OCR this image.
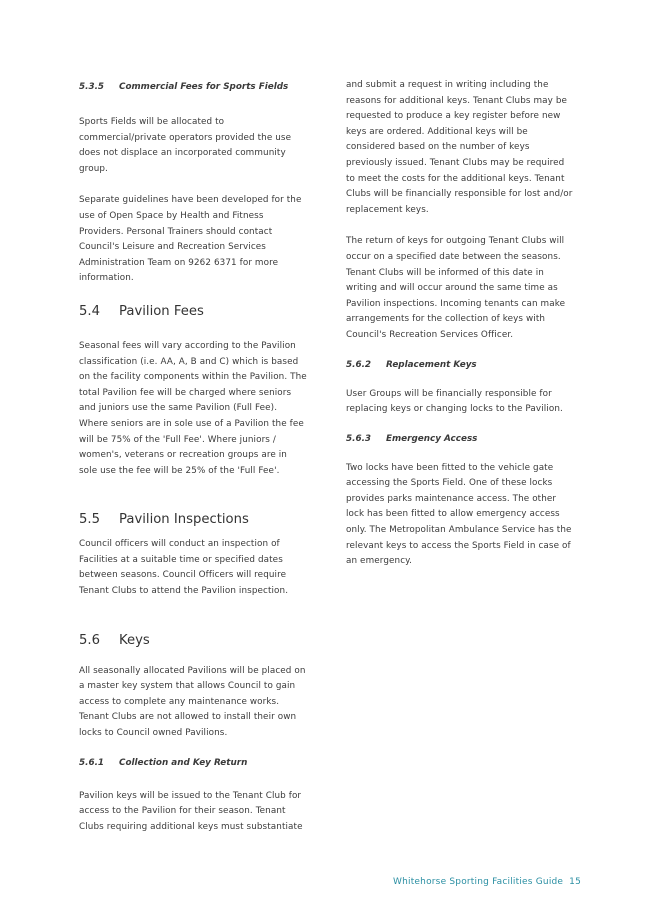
5.3.5	Commercial Fees for Sports Fields

Sports Fields will be allocated to commercial/private operators provided the use does not displace an incorporated community group.

Separate guidelines have been developed for the use of Open Space by Health and Fitness Providers. Personal Trainers should contact Council's Leisure and Recreation Services Administration Team on 9262 6371 for more information.

5.4	Pavilion Fees

Seasonal fees will vary according to the Pavilion classification (i.e. AA, A, B and C) which is based on the facility components within the Pavilion. The total Pavilion fee will be charged where seniors and juniors use the same Pavilion (Full Fee). Where seniors are in sole use of a Pavilion the fee will be 75% of the 'Full Fee'. Where juniors / women's, veterans or recreation groups are in sole use the fee will be 25% of the 'Full Fee'.

5.5	Pavilion Inspections

Council officers will conduct an inspection of Facilities at a suitable time or specified dates between seasons. Council Officers will require Tenant Clubs to attend the Pavilion inspection.

5.6	Keys

All seasonally allocated Pavilions will be placed on a master key system that allows Council to gain access to complete any maintenance works. Tenant Clubs are not allowed to install their own locks to Council owned Pavilions.

5.6.1	Collection and Key Return

Pavilion keys will be issued to the Tenant Club for access to the Pavilion for their season. Tenant Clubs requiring additional keys must substantiate

and submit a request in writing including the reasons for additional keys. Tenant Clubs may be requested to produce a key register before new keys are ordered. Additional keys will be considered based on the number of keys previously issued. Tenant Clubs may be required to meet the costs for the additional keys. Tenant Clubs will be financially responsible for lost and/or replacement keys.

The return of keys for outgoing Tenant Clubs will occur on a specified date between the seasons. Tenant Clubs will be informed of this date in writing and will occur around the same time as Pavilion inspections. Incoming tenants can make arrangements for the collection of keys with Council's Recreation Services Officer.

5.6.2	Replacement Keys

User Groups will be financially responsible for replacing keys or changing locks to the Pavilion.

5.6.3	Emergency Access

Two locks have been fitted to the vehicle gate accessing the Sports Field. One of these locks provides parks maintenance access. The other lock has been fitted to allow emergency access only. The Metropolitan Ambulance Service has the relevant keys to access the Sports Field in case of an emergency.

Whitehorse Sporting Facilities Guide 15
